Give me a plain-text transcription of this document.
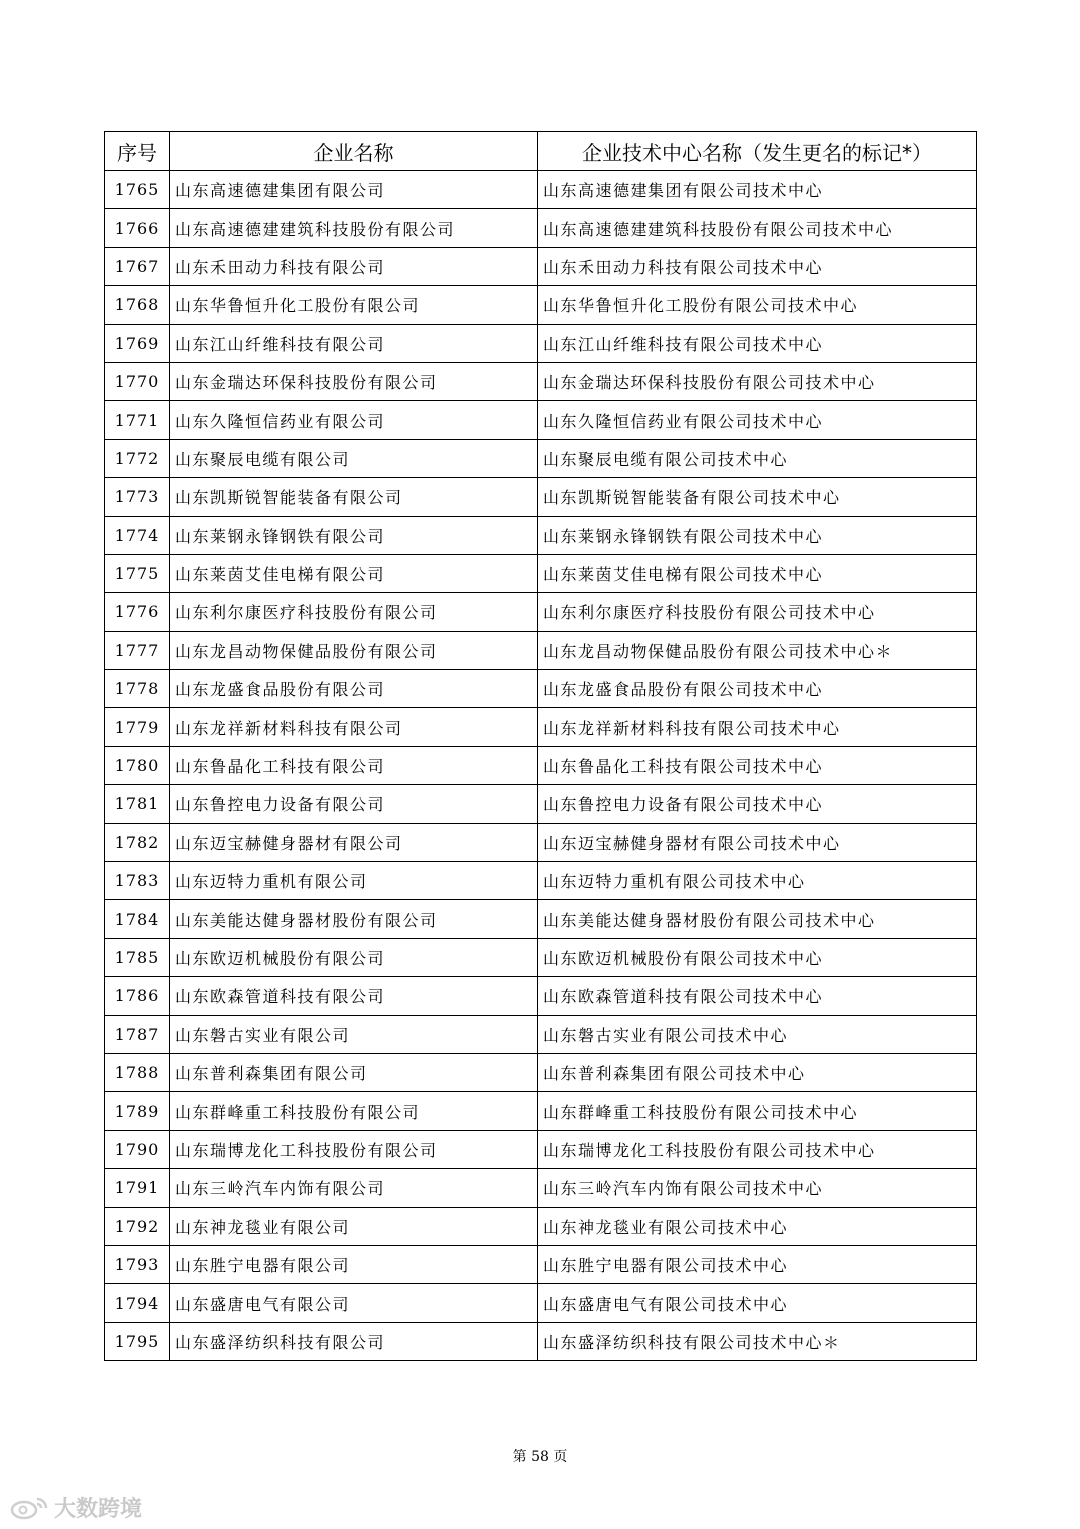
序号	企业名称	企业技术中心名称（发生更名的标记*）
1765	山东高速德建集团有限公司	山东高速德建集团有限公司技术中心
1766	山东高速德建建筑科技股份有限公司	山东高速德建建筑科技股份有限公司技术中心
1767	山东禾田动力科技有限公司	山东禾田动力科技有限公司技术中心
1768	山东华鲁恒升化工股份有限公司	山东华鲁恒升化工股份有限公司技术中心
1769	山东江山纤维科技有限公司	山东江山纤维科技有限公司技术中心
1770	山东金瑞达环保科技股份有限公司	山东金瑞达环保科技股份有限公司技术中心
1771	山东久隆恒信药业有限公司	山东久隆恒信药业有限公司技术中心
1772	山东聚辰电缆有限公司	山东聚辰电缆有限公司技术中心
1773	山东凯斯锐智能装备有限公司	山东凯斯锐智能装备有限公司技术中心
1774	山东莱钢永锋钢铁有限公司	山东莱钢永锋钢铁有限公司技术中心
1775	山东莱茵艾佳电梯有限公司	山东莱茵艾佳电梯有限公司技术中心
1776	山东利尔康医疗科技股份有限公司	山东利尔康医疗科技股份有限公司技术中心
1777	山东龙昌动物保健品股份有限公司	山东龙昌动物保健品股份有限公司技术中心＊
1778	山东龙盛食品股份有限公司	山东龙盛食品股份有限公司技术中心
1779	山东龙祥新材料科技有限公司	山东龙祥新材料科技有限公司技术中心
1780	山东鲁晶化工科技有限公司	山东鲁晶化工科技有限公司技术中心
1781	山东鲁控电力设备有限公司	山东鲁控电力设备有限公司技术中心
1782	山东迈宝赫健身器材有限公司	山东迈宝赫健身器材有限公司技术中心
1783	山东迈特力重机有限公司	山东迈特力重机有限公司技术中心
1784	山东美能达健身器材股份有限公司	山东美能达健身器材股份有限公司技术中心
1785	山东欧迈机械股份有限公司	山东欧迈机械股份有限公司技术中心
1786	山东欧森管道科技有限公司	山东欧森管道科技有限公司技术中心
1787	山东磐古实业有限公司	山东磐古实业有限公司技术中心
1788	山东普利森集团有限公司	山东普利森集团有限公司技术中心
1789	山东群峰重工科技股份有限公司	山东群峰重工科技股份有限公司技术中心
1790	山东瑞博龙化工科技股份有限公司	山东瑞博龙化工科技股份有限公司技术中心
1791	山东三岭汽车内饰有限公司	山东三岭汽车内饰有限公司技术中心
1792	山东神龙毯业有限公司	山东神龙毯业有限公司技术中心
1793	山东胜宁电器有限公司	山东胜宁电器有限公司技术中心
1794	山东盛唐电气有限公司	山东盛唐电气有限公司技术中心
1795	山东盛泽纺织科技有限公司	山东盛泽纺织科技有限公司技术中心＊
第 58 页
大数跨境
